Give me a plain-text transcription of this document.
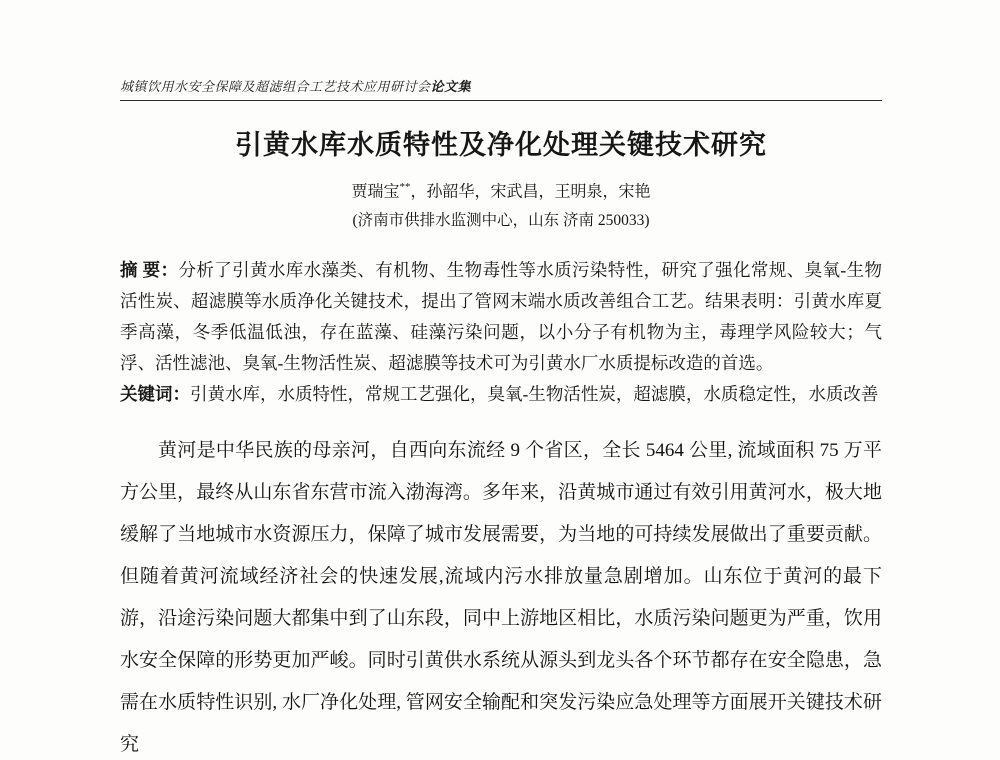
城镇饮用水安全保障及超滤组合工艺技术应用研讨会论文集
引黄水库水质特性及净化处理关键技术研究
贾瑞宝**，孙韶华，宋武昌，王明泉，宋艳
(济南市供排水监测中心，山东 济南 250033)

摘 要：分析了引黄水库水藻类、有机物、生物毒性等水质污染特性，研究了强化常规、臭氧-生物活性炭、超滤膜等水质净化关键技术，提出了管网末端水质改善组合工艺。结果表明：引黄水库夏季高藻，冬季低温低浊，存在蓝藻、硅藻污染问题，以小分子有机物为主，毒理学风险较大；气浮、活性滤池、臭氧-生物活性炭、超滤膜等技术可为引黄水厂水质提标改造的首选。

关键词：引黄水库，水质特性，常规工艺强化，臭氧-生物活性炭，超滤膜，水质稳定性，水质改善

黄河是中华民族的母亲河，自西向东流经 9 个省区，全长 5464 公里, 流域面积 75 万平方公里，最终从山东省东营市流入渤海湾。多年来，沿黄城市通过有效引用黄河水，极大地缓解了当地城市水资源压力，保障了城市发展需要，为当地的可持续发展做出了重要贡献。但随着黄河流域经济社会的快速发展,流域内污水排放量急剧增加。山东位于黄河的最下游，沿途污染问题大都集中到了山东段，同中上游地区相比，水质污染问题更为严重，饮用水安全保障的形势更加严峻。同时引黄供水系统从源头到龙头各个环节都存在安全隐患，急需在水质特性识别, 水厂净化处理, 管网安全输配和突发污染应急处理等方面展开关键技术研究
